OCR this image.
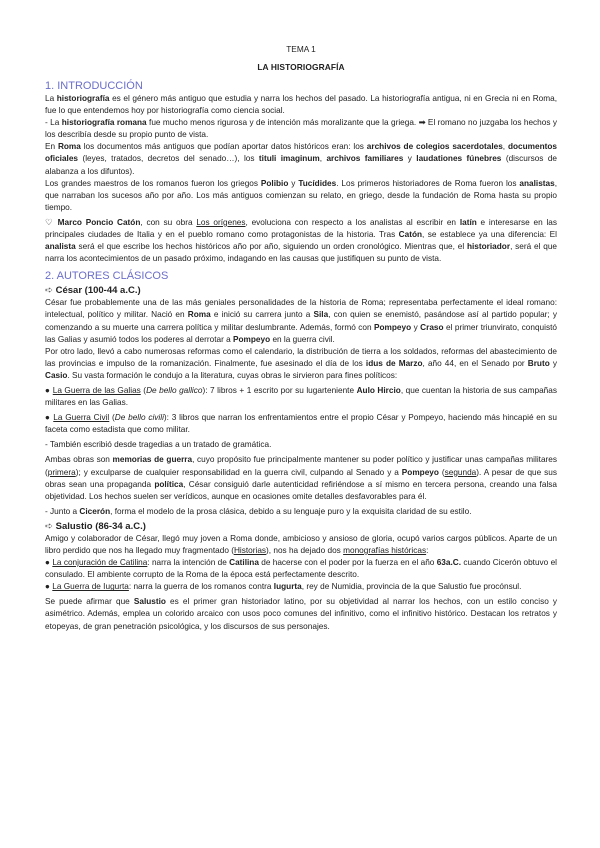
TEMA 1
LA HISTORIOGRAFÍA
1. INTRODUCCIÓN

La historiografía es el género más antiguo que estudia y narra los hechos del pasado. La historiografía antigua, ni en Grecia ni en Roma, fue lo que entendemos hoy por historiografía como ciencia social.

- La historiografía romana fue mucho menos rigurosa y de intención más moralizante que la griega. ➡ El romano no juzgaba los hechos y los describía desde su propio punto de vista.

En Roma los documentos más antiguos que podían aportar datos históricos eran: los archivos de colegios sacerdotales, documentos oficiales (leyes, tratados, decretos del senado…), los tituli imaginum, archivos familiares y laudationes fúnebres (discursos de alabanza a los difuntos).

Los grandes maestros de los romanos fueron los griegos Polibio y Tucídides. Los primeros historiadores de Roma fueron los analistas, que narraban los sucesos año por año. Los más antiguos comienzan su relato, en griego, desde la fundación de Roma hasta su propio tiempo.

♡ Marco Poncio Catón, con su obra Los orígenes, evoluciona con respecto a los analistas al escribir en latín e interesarse en las principales ciudades de Italia y en el pueblo romano como protagonistas de la historia. Tras Catón, se establece ya una diferencia: El analista será el que escribe los hechos históricos año por año, siguiendo un orden cronológico. Mientras que, el historiador, será el que narra los acontecimientos de un pasado próximo, indagando en las causas que justifiquen su punto de vista.

2. AUTORES CLÁSICOS
➪ César (100-44 a.C.)

César fue probablemente una de las más geniales personalidades de la historia de Roma; representaba perfectamente el ideal romano: intelectual, político y militar. Nació en Roma e inició su carrera junto a Sila, con quien se enemistó, pasándose así al partido popular; y comenzando a su muerte una carrera política y militar deslumbrante. Además, formó con Pompeyo y Craso el primer triunvirato, conquistó las Galias y asumió todos los poderes al derrotar a Pompeyo en la guerra civil.

Por otro lado, llevó a cabo numerosas reformas como el calendario, la distribución de tierra a los soldados, reformas del abastecimiento de las provincias e impulso de la romanización. Finalmente, fue asesinado el día de los idus de Marzo, año 44, en el Senado por Bruto y Casio. Su vasta formación le condujo a la literatura, cuyas obras le sirvieron para fines políticos:

● La Guerra de las Galias (De bello gallico): 7 libros + 1 escrito por su lugarteniente Aulo Hircio, que cuentan la historia de sus campañas militares en las Galias.

● La Guerra Civil (De bello civili): 3 libros que narran los enfrentamientos entre el propio César y Pompeyo, haciendo más hincapié en su faceta como estadista que como militar.

- También escribió desde tragedias a un tratado de gramática.

Ambas obras son memorias de guerra, cuyo propósito fue principalmente mantener su poder político y justificar unas campañas militares (primera); y exculparse de cualquier responsabilidad en la guerra civil, culpando al Senado y a Pompeyo (segunda). A pesar de que sus obras sean una propaganda política, César consiguió darle autenticidad refiriéndose a sí mismo en tercera persona, creando una falsa objetividad. Los hechos suelen ser verídicos, aunque en ocasiones omite detalles desfavorables para él.

- Junto a Cicerón, forma el modelo de la prosa clásica, debido a su lenguaje puro y la exquisita claridad de su estilo.

➪ Salustio (86-34 a.C.)

Amigo y colaborador de César, llegó muy joven a Roma donde, ambicioso y ansioso de gloria, ocupó varios cargos públicos. Aparte de un libro perdido que nos ha llegado muy fragmentado (Historias), nos ha dejado dos monografías históricas:

● La conjuración de Catilina: narra la intención de Catilina de hacerse con el poder por la fuerza en el año 63a.C. cuando Cicerón obtuvo el consulado. El ambiente corrupto de la Roma de la época está perfectamente descrito.

● La Guerra de Iugurta: narra la guerra de los romanos contra Iugurta, rey de Numidia, provincia de la que Salustio fue procónsul.

Se puede afirmar que Salustio es el primer gran historiador latino, por su objetividad al narrar los hechos, con un estilo conciso y asimétrico. Además, emplea un colorido arcaico con usos poco comunes del infinitivo, como el infinitivo histórico. Destacan los retratos y etopeyas, de gran penetración psicológica, y los discursos de sus personajes.
